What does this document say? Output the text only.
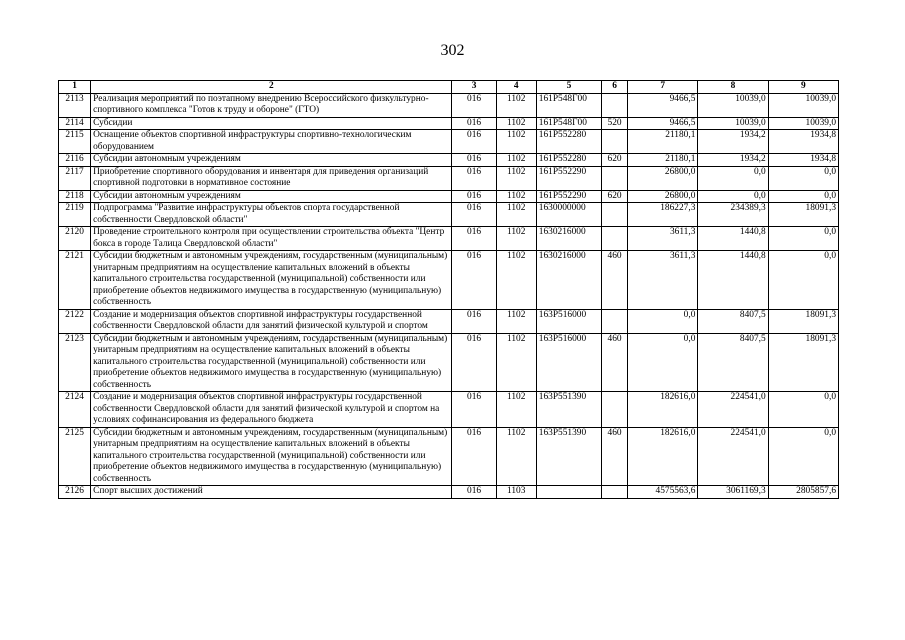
302
1	2	3	4	5	6	7	8	9
2113	Реализация мероприятий по поэтапному внедрению Всероссийского физкультурно-спортивного комплекса "Готов к труду и обороне" (ГТО)	016	1102	161P548Г00		9466,5	10039,0	10039,0
2114	Субсидии	016	1102	161P548Г00	520	9466,5	10039,0	10039,0
2115	Оснащение объектов спортивной инфраструктуры спортивно-технологическим оборудованием	016	1102	161P552280		21180,1	1934,2	1934,8
2116	Субсидии автономным учреждениям	016	1102	161P552280	620	21180,1	1934,2	1934,8
2117	Приобретение спортивного оборудования и инвентаря для приведения организаций спортивной подготовки в нормативное состояние	016	1102	161P552290		26800,0	0,0	0,0
2118	Субсидии автономным учреждениям	016	1102	161P552290	620	26800,0	0,0	0,0
2119	Подпрограмма "Развитие инфраструктуры объектов спорта государственной собственности Свердловской области"	016	1102	1630000000		186227,3	234389,3	18091,3
2120	Проведение строительного контроля при осуществлении строительства объекта "Центр бокса в городе Талица Свердловской области"	016	1102	1630216000		3611,3	1440,8	0,0
2121	Субсидии бюджетным и автономным учреждениям, государственным (муниципальным) унитарным предприятиям на осуществление капитальных вложений в объекты капитального строительства государственной (муниципальной) собственности или приобретение объектов недвижимого имущества в государственную (муниципальную) собственность	016	1102	1630216000	460	3611,3	1440,8	0,0
2122	Создание и модернизация объектов спортивной инфраструктуры государственной собственности Свердловской области для занятий физической культурой и спортом	016	1102	163P516000		0,0	8407,5	18091,3
2123	Субсидии бюджетным и автономным учреждениям, государственным (муниципальным) унитарным предприятиям на осуществление капитальных вложений в объекты капитального строительства государственной (муниципальной) собственности или приобретение объектов недвижимого имущества в государственную (муниципальную) собственность	016	1102	163P516000	460	0,0	8407,5	18091,3
2124	Создание и модернизация объектов спортивной инфраструктуры государственной собственности Свердловской области для занятий физической культурой и спортом на условиях софинансирования из федерального бюджета	016	1102	163P551390		182616,0	224541,0	0,0
2125	Субсидии бюджетным и автономным учреждениям, государственным (муниципальным) унитарным предприятиям на осуществление капитальных вложений в объекты капитального строительства государственной (муниципальной) собственности или приобретение объектов недвижимого имущества в государственную (муниципальную) собственность	016	1102	163P551390	460	182616,0	224541,0	0,0
2126	Спорт высших достижений	016	1103			4575563,6	3061169,3	2805857,6
